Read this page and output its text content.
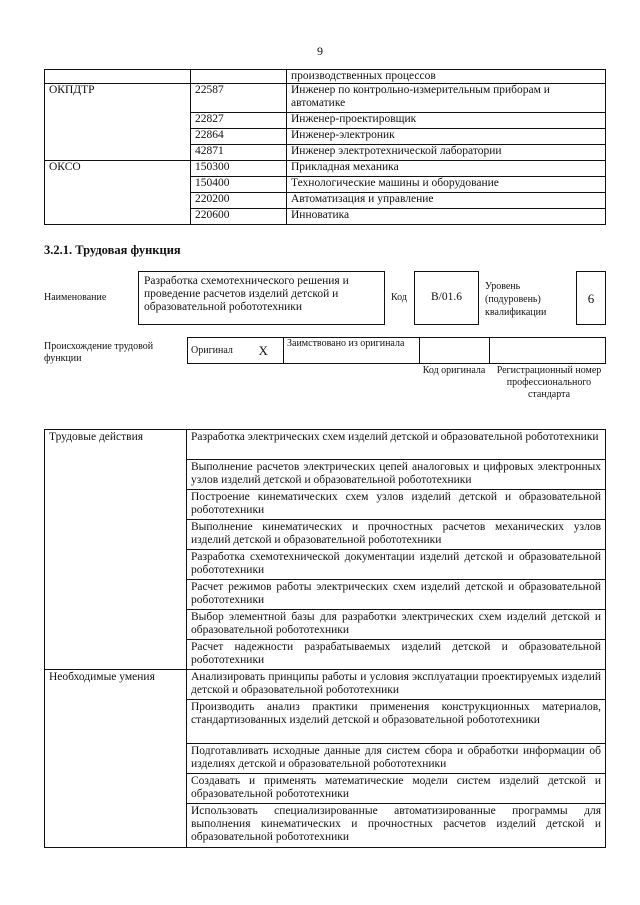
9
		производственных процессов
ОКПДТР	22587	Инженер по контрольно-измерительным приборам и автоматике
	22827	Инженер-проектировщик
	22864	Инженер-электроник
	42871	Инженер электротехнической лаборатории
ОКСО	150300	Прикладная механика
	150400	Технологические машины и оборудование
	220200	Автоматизация и управление
	220600	Инноватика
3.2.1. Трудовая функция
Наименование
Разработка схемотехнического решения и проведение расчетов изделий детской и образовательной робототехники
Код	B/01.6
Уровень (подуровень) квалификации
6
Происхождение трудовой функции
Оригинал	X	Заимствовано из оригинала		
Код оригинала	Регистрационный номер профессионального стандарта
Трудовые действия	Разработка электрических схем изделий детской и образовательной робототехники
	Выполнение расчетов электрических цепей аналоговых и цифровых электронных узлов изделий детской и образовательной робототехники
	Построение кинематических схем узлов изделий детской и образовательной робототехники
	Выполнение кинематических и прочностных расчетов механических узлов изделий детской и образовательной робототехники
	Разработка схемотехнической документации изделий детской и образовательной робототехники
	Расчет режимов работы электрических схем изделий детской и образовательной робототехники
	Выбор элементной базы для разработки электрических схем изделий детской и образовательной робототехники
	Расчет надежности разрабатываемых изделий детской и образовательной робототехники
Необходимые умения	Анализировать принципы работы и условия эксплуатации проектируемых изделий детской и образовательной робототехники
	Производить анализ практики применения конструкционных материалов, стандартизованных изделий детской и образовательной робототехники
	Подготавливать исходные данные для систем сбора и обработки информации об изделиях детской и образовательной робототехники
	Создавать и применять математические модели систем изделий детской и образовательной робототехники
	Использовать специализированные автоматизированные программы для выполнения кинематических и прочностных расчетов изделий детской и образовательной робототехники
